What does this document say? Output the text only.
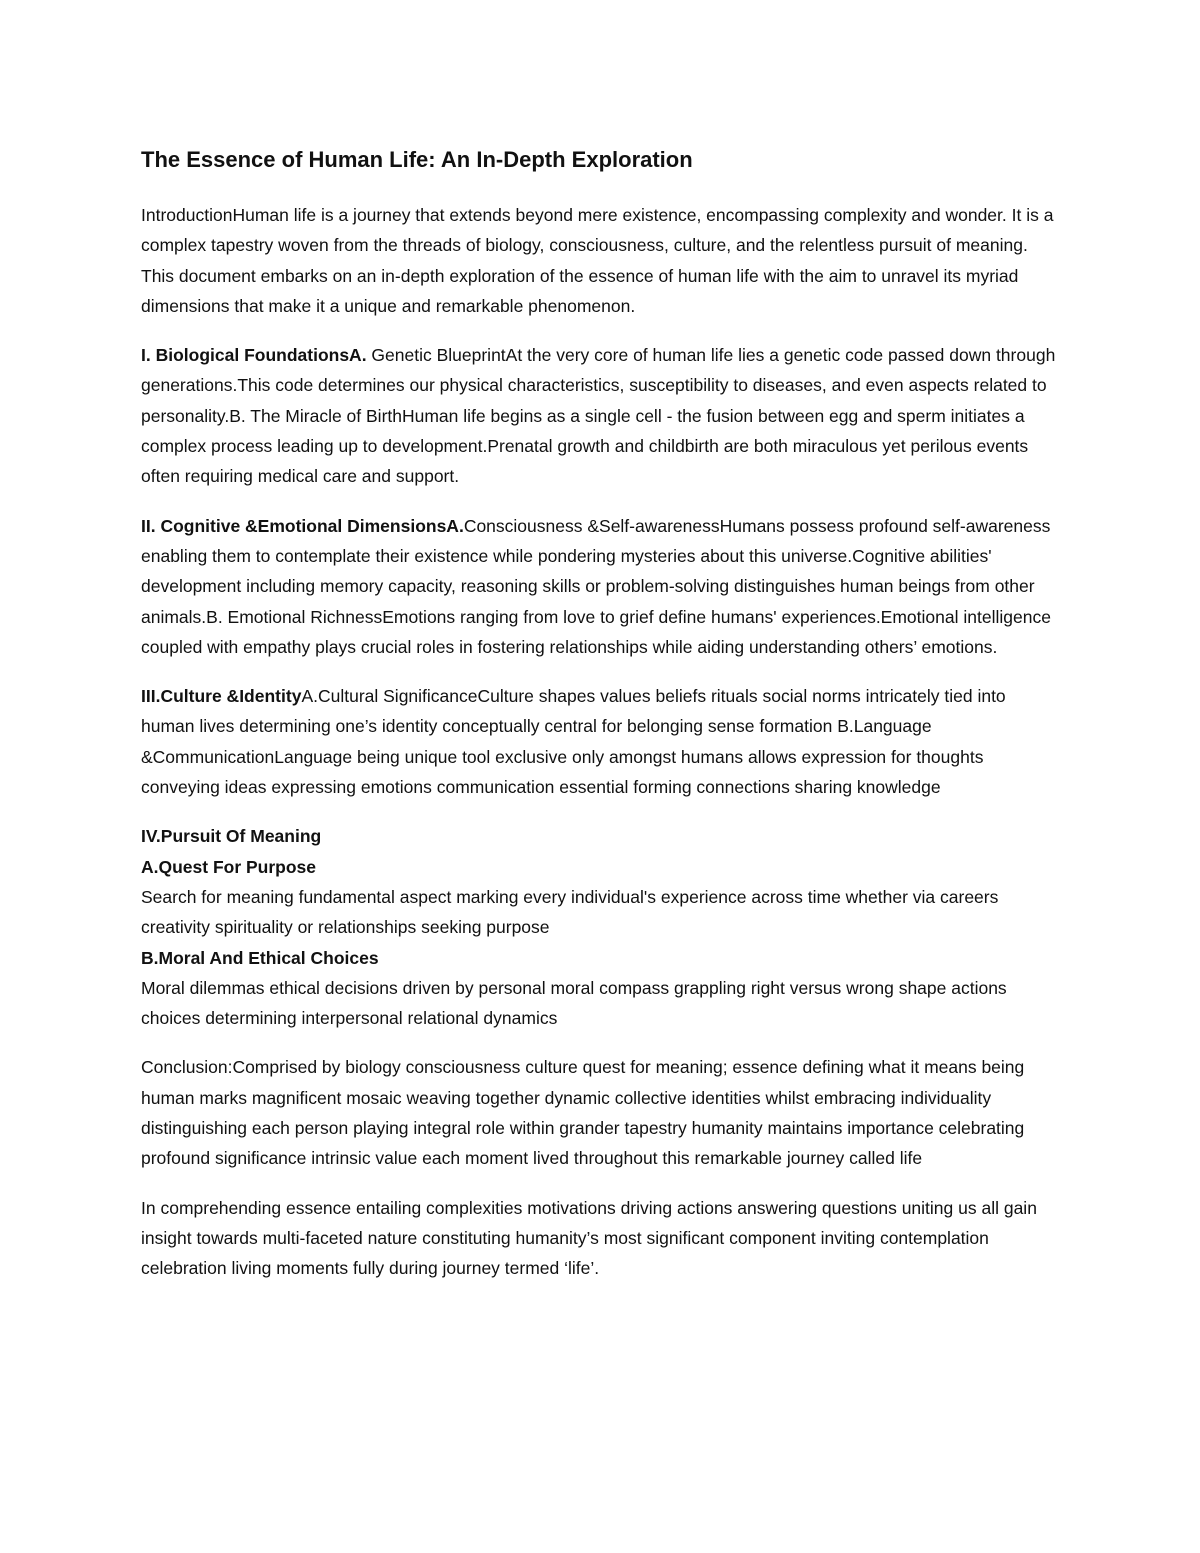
The Essence of Human Life: An In-Depth Exploration

IntroductionHuman life is a journey that extends beyond mere existence, encompassing complexity and wonder. It is a complex tapestry woven from the threads of biology, consciousness, culture, and the relentless pursuit of meaning. This document embarks on an in-depth exploration of the essence of human life with the aim to unravel its myriad dimensions that make it a unique and remarkable phenomenon.

I. Biological FoundationsA. Genetic BlueprintAt the very core of human life lies a genetic code passed down through generations.This code determines our physical characteristics, susceptibility to diseases, and even aspects related to personality.B. The Miracle of BirthHuman life begins as a single cell - the fusion between egg and sperm initiates a complex process leading up to development.Prenatal growth and childbirth are both miraculous yet perilous events often requiring medical care and support.

II. Cognitive &Emotional DimensionsA.Consciousness &Self-awarenessHumans possess profound self-awareness enabling them to contemplate their existence while pondering mysteries about this universe.Cognitive abilities' development including memory capacity, reasoning skills or problem-solving distinguishes human beings from other animals.B. Emotional RichnessEmotions ranging from love to grief define humans' experiences.Emotional intelligence coupled with empathy plays crucial roles in fostering relationships while aiding understanding others’ emotions.

III.Culture &IdentityA.Cultural SignificanceCulture shapes values beliefs rituals social norms intricately tied into human lives determining one’s identity conceptually central for belonging sense formation B.Language &CommunicationLanguage being unique tool exclusive only amongst humans allows expression for thoughts conveying ideas expressing emotions communication essential forming connections sharing knowledge

IV.Pursuit Of Meaning

A.Quest For Purpose

Search for meaning fundamental aspect marking every individual's experience across time whether via careers creativity spirituality or relationships seeking purpose

B.Moral And Ethical Choices

Moral dilemmas ethical decisions driven by personal moral compass grappling right versus wrong shape actions choices determining interpersonal relational dynamics

Conclusion:Comprised by biology consciousness culture quest for meaning; essence defining what it means being human marks magnificent mosaic weaving together dynamic collective identities whilst embracing individuality distinguishing each person playing integral role within grander tapestry humanity maintains importance celebrating profound significance intrinsic value each moment lived throughout this remarkable journey called life

In comprehending essence entailing complexities motivations driving actions answering questions uniting us all gain insight towards multi-faceted nature constituting humanity’s most significant component inviting contemplation celebration living moments fully during journey termed ‘life’.
